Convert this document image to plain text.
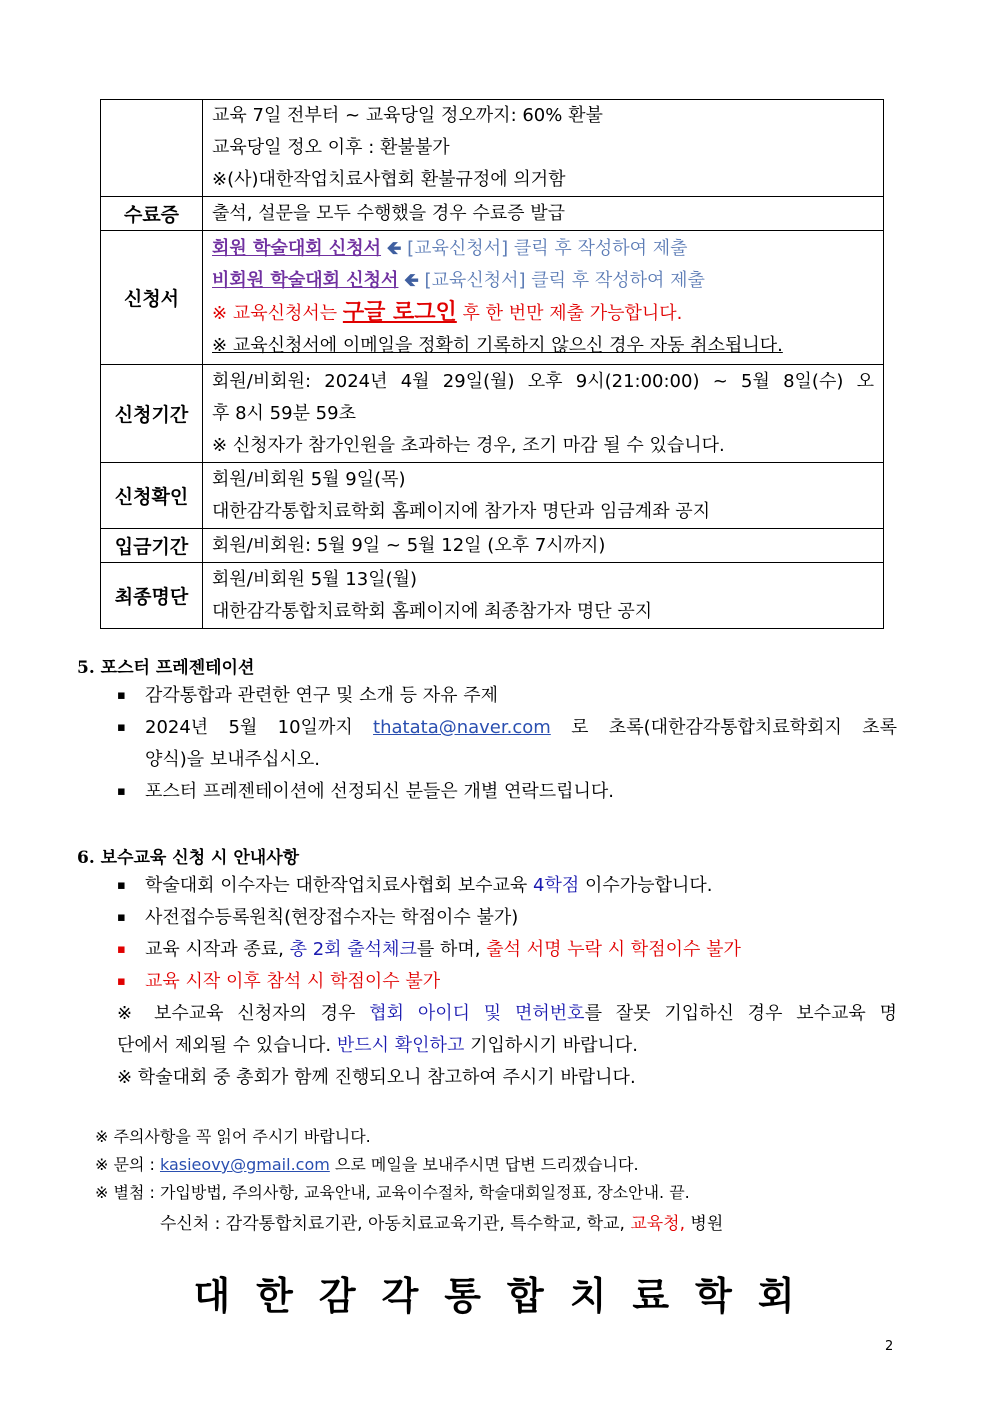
	교육 7일 전부터 ~ 교육당일 정오까지: 60% 환불
교육당일 정오 이후 : 환불불가
※(사)대한작업치료사협회 환불규정에 의거함

수료증	출석, 설문을 모두 수행했을 경우 수료증 발급

신청서	회원 학술대회 신청서 🡸 [교육신청서] 클릭 후 작성하여 제출
비회원 학술대회 신청서 🡸 [교육신청서] 클릭 후 작성하여 제출
※ 교육신청서는 구글 로그인 후 한 번만 제출 가능합니다.
※ 교육신청서에 이메일을 정확히 기록하지 않으신 경우 자동 취소됩니다.

신청기간	회원/비회원: 2024년 4월 29일(월) 오후 9시(21:00:00) ~ 5월 8일(수) 오
후 8시 59분 59초
※ 신청자가 참가인원을 초과하는 경우, 조기 마감 될 수 있습니다.

신청확인	회원/비회원 5월 9일(목)
대한감각통합치료학회 홈페이지에 참가자 명단과 임금계좌 공지

입금기간	회원/비회원: 5월 9일 ~ 5월 12일 (오후 7시까지)

최종명단	회원/비회원 5월 13일(월)
대한감각통합치료학회 홈페이지에 최종참가자 명단 공지
5. 포스터 프레젠테이션
▪ 감각통합과 관련한 연구 및 소개 등 자유 주제
▪ 2024년 5월 10일까지 thatata@naver.com 로 초록(대한감각통합치료학회지 초록
양식)을 보내주십시오.
▪ 포스터 프레젠테이션에 선정되신 분들은 개별 연락드립니다.
6. 보수교육 신청 시 안내사항
▪ 학술대회 이수자는 대한작업치료사협회 보수교육 4학점 이수가능합니다.
▪ 사전접수등록원칙(현장접수자는 학점이수 불가)
▪ 교육 시작과 종료, 총 2회 출석체크를 하며, 출석 서명 누락 시 학점이수 불가
▪ 교육 시작 이후 참석 시 학점이수 불가
※ 보수교육 신청자의 경우 협회 아이디 및 면허번호를 잘못 기입하신 경우 보수교육 명
단에서 제외될 수 있습니다. 반드시 확인하고 기입하시기 바랍니다.
※ 학술대회 중 총회가 함께 진행되오니 참고하여 주시기 바랍니다.
※ 주의사항을 꼭 읽어 주시기 바랍니다.
※ 문의 : kasieovy@gmail.com 으로 메일을 보내주시면 답변 드리겠습니다.
※ 별첨 : 가입방법, 주의사항, 교육안내, 교육이수절차, 학술대회일정표, 장소안내. 끝.
수신처 : 감각통합치료기관, 아동치료교육기관, 특수학교, 학교, 교육청, 병원
대한감각통합치료학회
2
